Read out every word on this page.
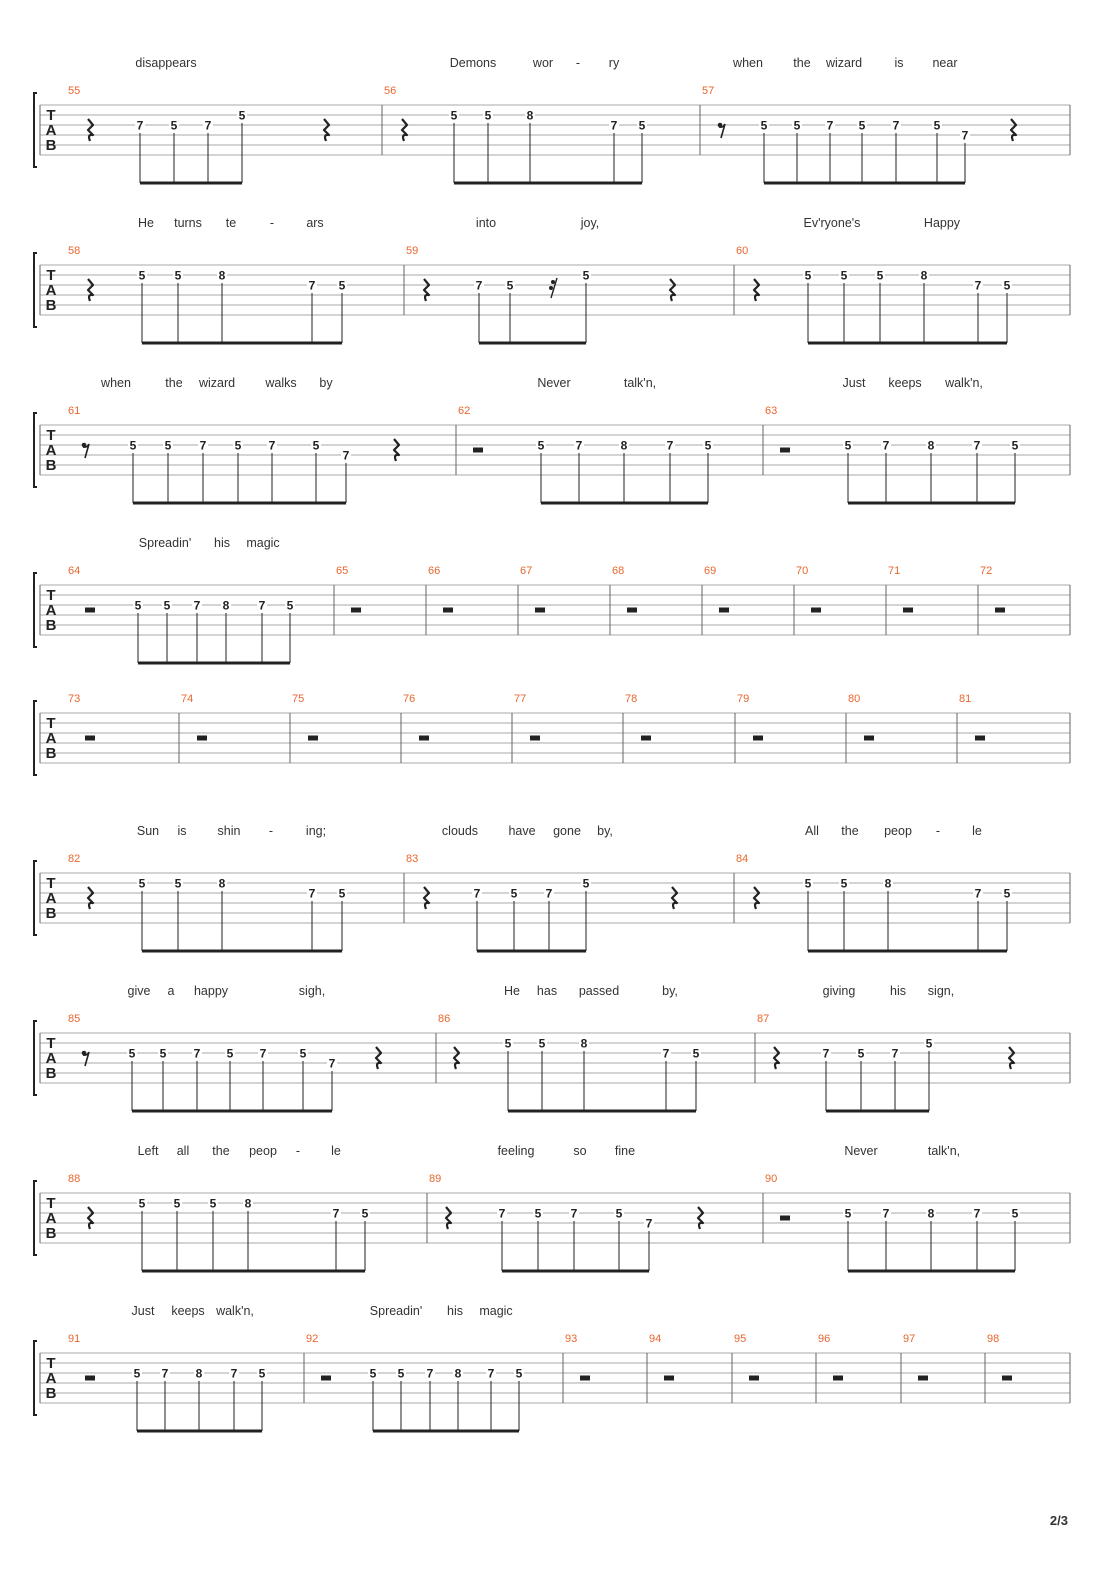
T
A
B
disappears	Demons	wor - ry	when the wizard	is near
55
7 5 7
5
56
5 5	8
7 5
57
5 5 7 5 7	5
7
T
A
B
He turns te	-	ars	into	joy,	Ev'ryone's	Happy
58
5 5	8
7 5
59
7 5
5
60
5 5 5	8
7 5
T
A
B
when	the wizard walks by	Never	talk'n,	Just keeps walk'n,
61
5 5 7 5 7	5
7
62
5	7	8	7	5
63
5	7	8	7	5
T
A
B
Spreadin' his magic
64
5 5 7 8 7 5
65	66	67	68	69	70	71	72
T
A
B
73	74	75	76	77	78	79	80	81
T
A
B
Sun is shin -	ing;	clouds have gone by,	All the peop -	le
82
5 5	8
7 5
83
7	5 7
5
84
5 5	8
7 5
T
A
B
give a happy	sigh,	He has passed	by,	giving	his sign,
85
5 5 7 5 7	5
7
86
5 5	8
7 5
87
7 5 7
5
T
A
B
Left all the peop - le	feeling	so fine	Never	talk'n,
88
5 5 5 8
7 5
89
7 5 7	5
7
90
5	7	8	7	5
T
A
B
Just keeps walk'n,	Spreadin' his magic
91
5 7 8 7 5
92
5 5 7 8 7 5
93	94	95	96	97	98
2/3
